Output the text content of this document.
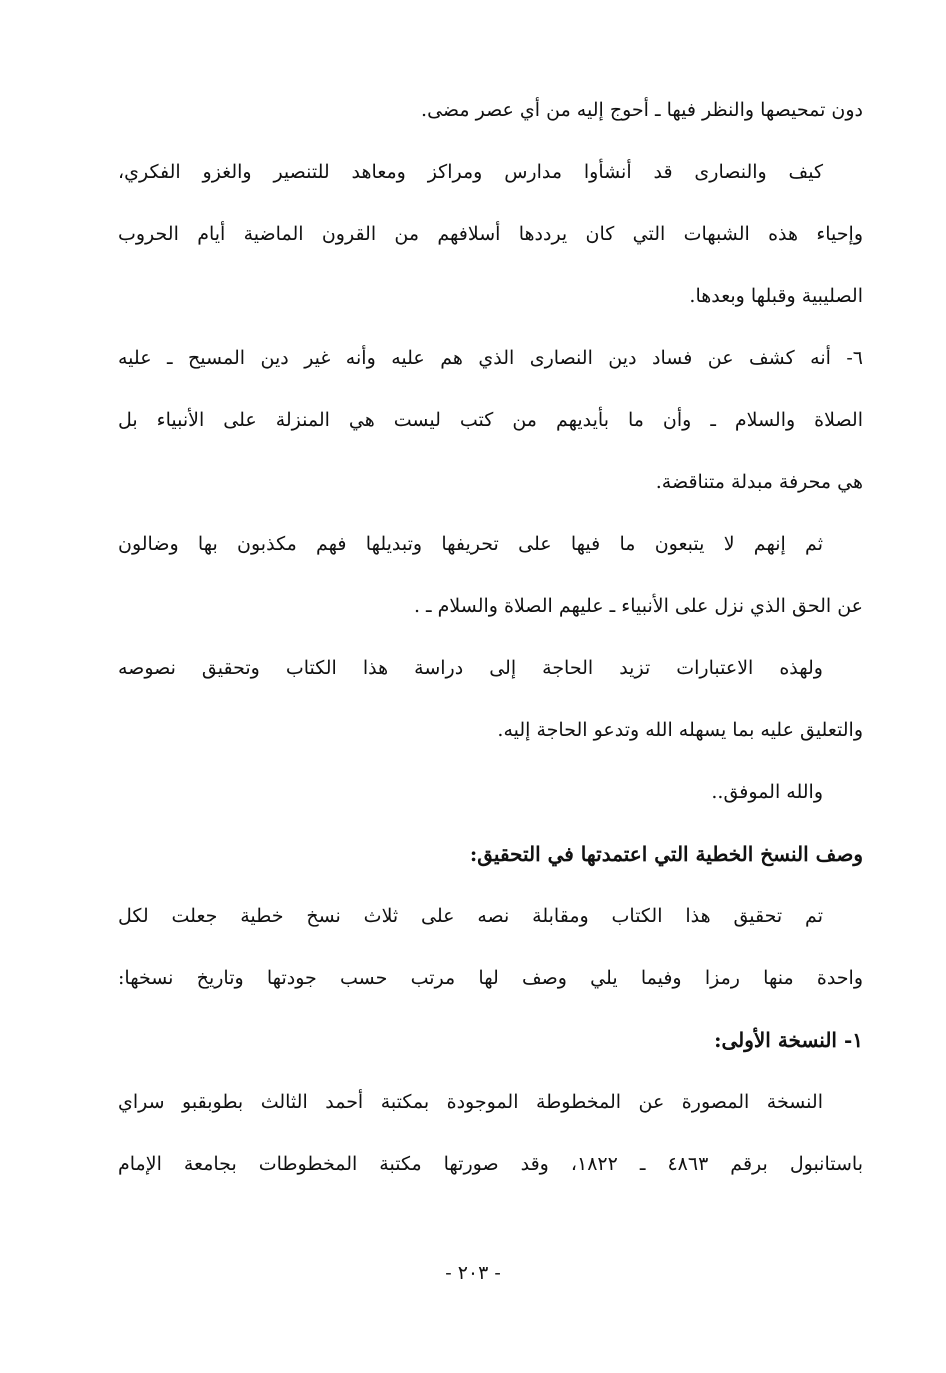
دون تمحيصها والنظر فيها ـ أحوج إليه من أي عصر مضى.
كيف والنصارى قد أنشأوا مدارس ومراكز ومعاهد للتنصير والغزو الفكري،
وإحياء هذه الشبهات التي كان يرددها أسلافهم من القرون الماضية أيام الحروب
الصليبية وقبلها وبعدها.
٦- أنه كشف عن فساد دين النصارى الذي هم عليه وأنه غير دين المسيح ـ عليه
الصلاة والسلام ـ وأن ما بأيديهم من كتب ليست هي المنزلة على الأنبياء بل
هي محرفة مبدلة متناقضة.
ثم إنهم لا يتبعون ما فيها على تحريفها وتبديلها فهم مكذبون بها وضالون
عن الحق الذي نزل على الأنبياء ـ عليهم الصلاة والسلام ـ .
ولهذه الاعتبارات تزيد الحاجة إلى دراسة هذا الكتاب وتحقيق نصوصه
والتعليق عليه بما يسهله الله وتدعو الحاجة إليه.
والله الموفق..
وصف النسخ الخطية التي اعتمدتها في التحقيق:
تم تحقيق هذا الكتاب ومقابلة نصه على ثلاث نسخ خطية جعلت لكل
واحدة منها رمزا وفيما يلي وصف لها مرتب حسب جودتها وتاريخ نسخها:
١- النسخة الأولى:
النسخة المصورة عن المخطوطة الموجودة بمكتبة أحمد الثالث بطوبقبو سراي
باستانبول برقم ٤٨٦٣ ـ ١٨٢٢، وقد صورتها مكتبة المخطوطات بجامعة الإمام
- ٢٠٣ -
